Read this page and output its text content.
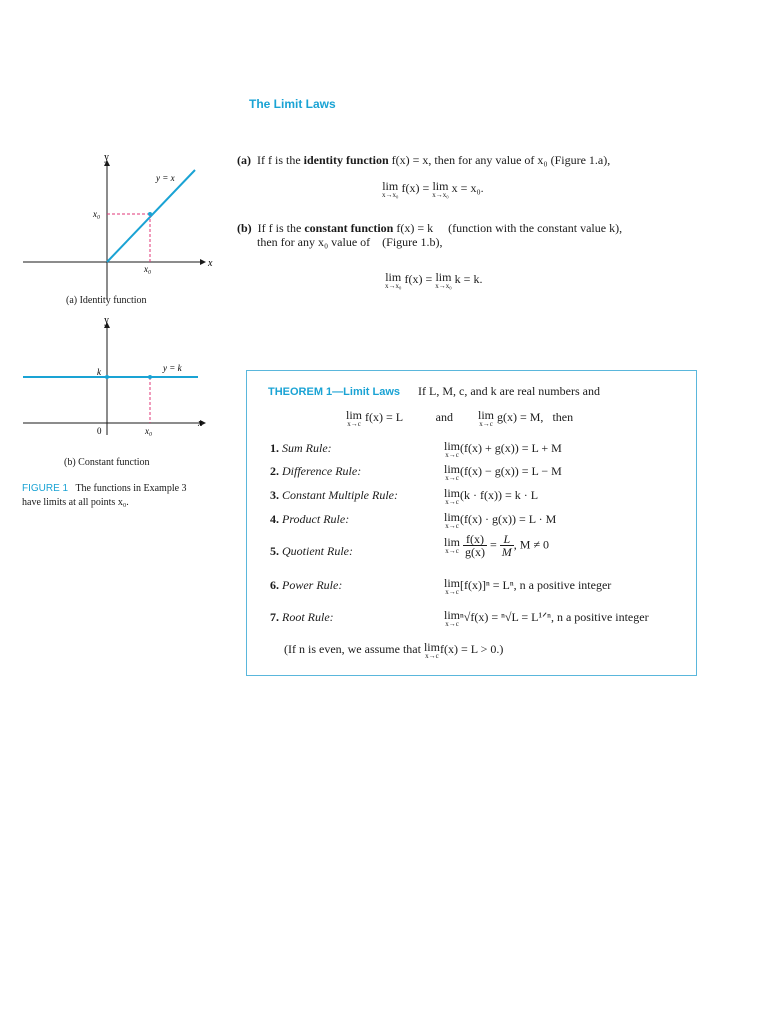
The Limit Laws
y
x
y = x
x₀
x₀
(a) Identity function
y
x
y = k
k
0	x₀
(b) Constant function
FIGURE 1 The functions in Example 3
have limits at all points x₀.
(a) If f is the identity function f(x) = x, then for any value of x₀ (Figure 1.a),
lim
x→x₀ f(x) = lim
x→x₀ x = x₀.
(b) If f is the constant function f(x) = k (function with the constant value k),
then for any x₀ value of (Figure 1.b),
lim
x→x₀ f(x) = lim
x→x₀ k = k.
THEOREM 1—Limit Laws If L, M, c, and k are real numbers and
lim
x→c f(x) = L	and lim
x→c g(x) = M, then
1. Sum Rule:	lim
x→c (f(x) + g(x)) = L + M
2. Difference Rule:	lim
x→c (f(x) − g(x)) = L − M
3. Constant Multiple Rule:	lim
x→c (k · f(x)) = k · L
4. Product Rule:	lim
x→c (f(x) · g(x)) = L · M
5. Quotient Rule:
lim
x→c
$\frac{f(x)}{g(x)} = \frac{L}{M}$ , M ≠ 0
6. Power Rule:	lim
x→c [f(x)]ⁿ = Lⁿ, n a positive integer
7. Root Rule:	lim
x→c ⁿ√f(x) = ⁿ√L = L¹ᐟⁿ, n a positive integer
(If n is even, we assume that lim
x→c f(x) = L > 0.)
